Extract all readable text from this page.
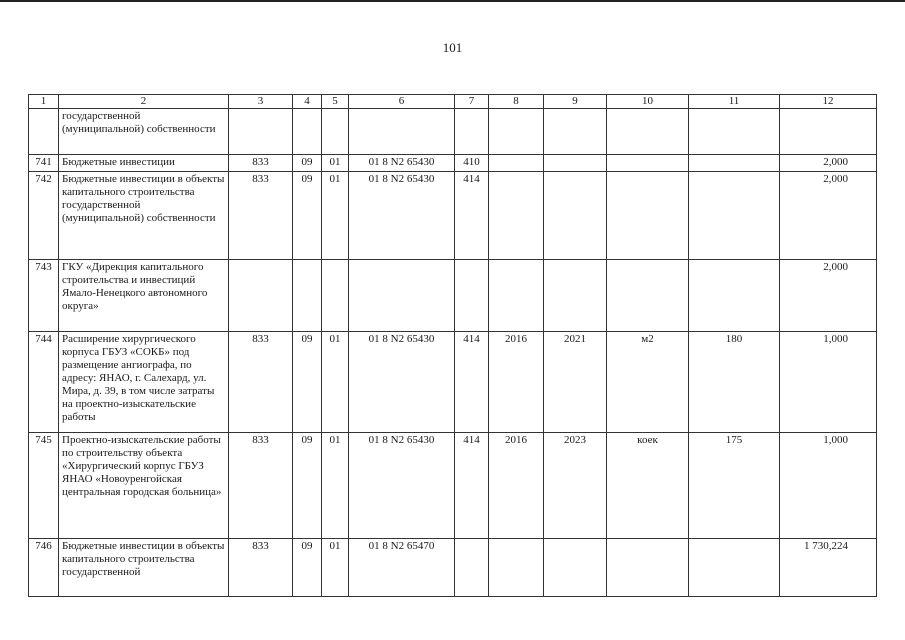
101
1	2	3	4	5	6	7	8	9	10	11	12
	государственной (муниципальной) собственности										
741	Бюджетные инвестиции	833	09	01	01 8 N2 65430	410					2,000
742	Бюджетные инвестиции в объекты капитального строительства государственной (муниципальной) собственности	833	09	01	01 8 N2 65430	414					2,000
743	ГКУ «Дирекция капитального строительства и инвестиций Ямало-Ненецкого автономного округа»										2,000
744	Расширение хирургического корпуса ГБУЗ «СОКБ» под размещение ангиографа, по адресу: ЯНАО, г. Салехард, ул. Мира, д. 39, в том числе затраты на проектно-изыскательские работы	833	09	01	01 8 N2 65430	414	2016	2021	м2	180	1,000
745	Проектно-изыскательские работы по строительству объекта «Хирургический корпус ГБУЗ ЯНАО «Новоуренгойская центральная городская больница»	833	09	01	01 8 N2 65430	414	2016	2023	коек	175	1,000
746	Бюджетные инвестиции в объекты капитального строительства государственной	833	09	01	01 8 N2 65470						1 730,224
